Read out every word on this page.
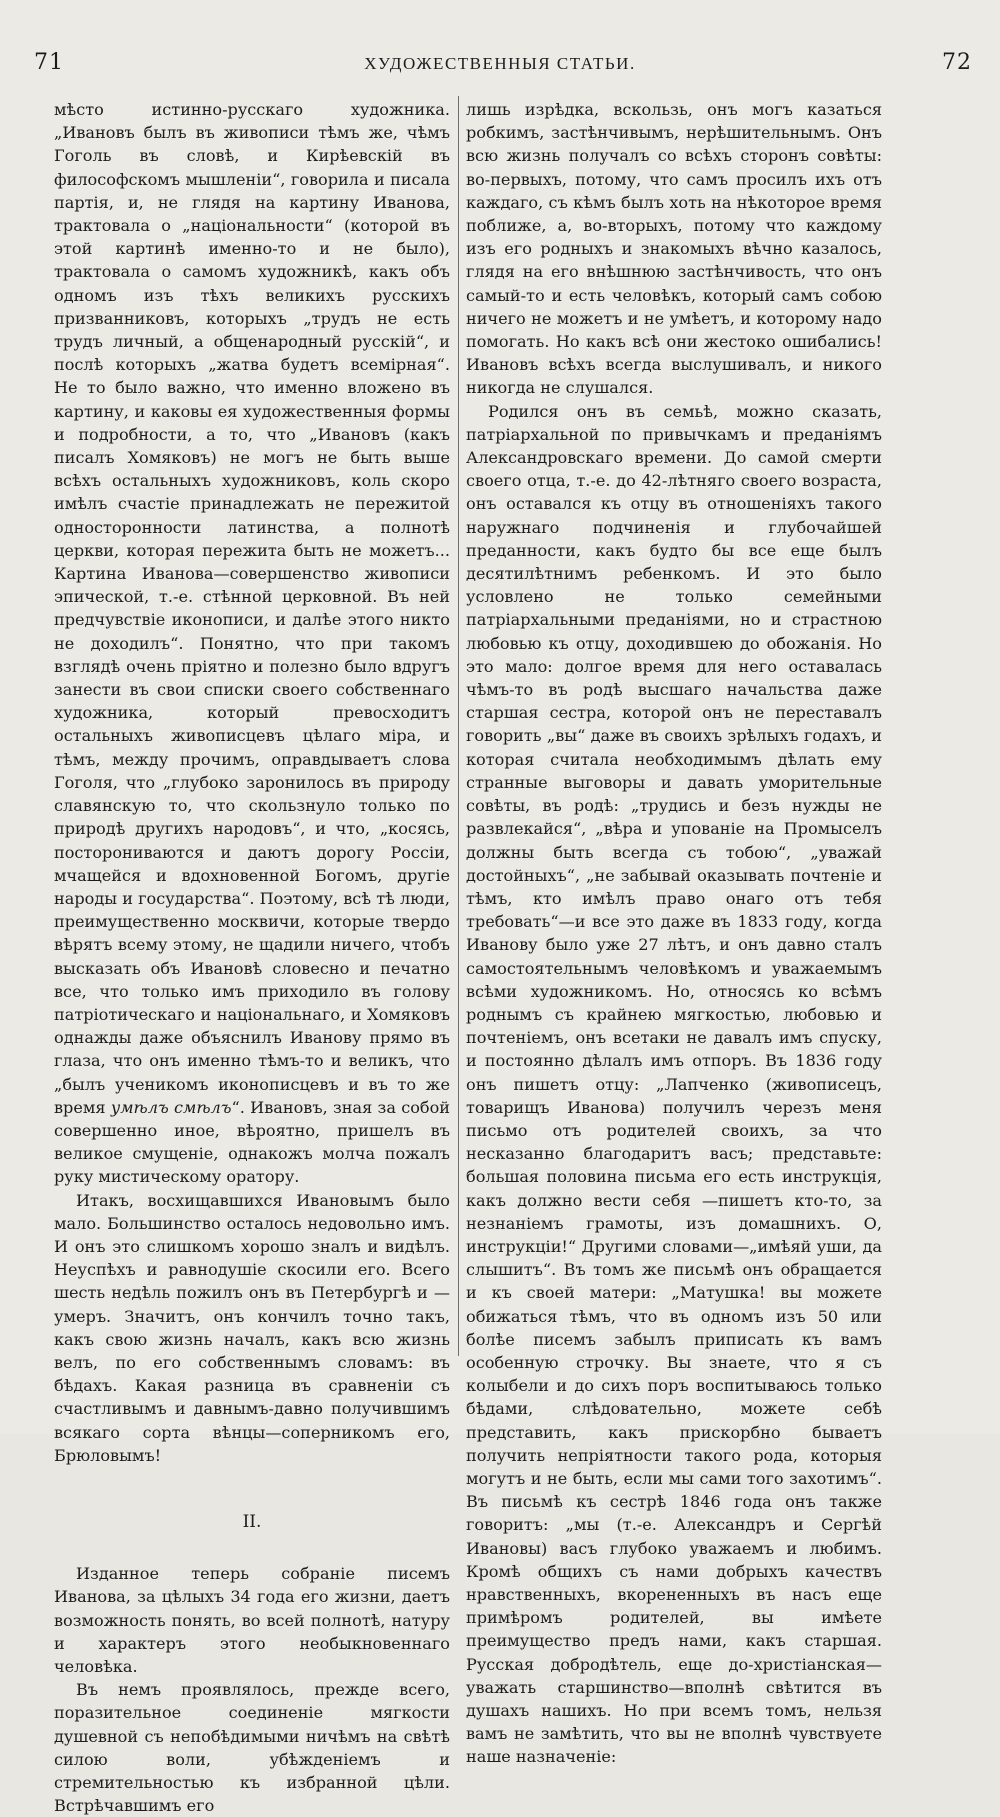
71	ХУДОЖЕСТВЕННЫЯ СТАТЬИ.	72

мѣсто истинно-русскаго художника. „Ивановъ былъ въ живописи тѣмъ же, чѣмъ Гоголь въ словѣ, и Кирѣевскій въ философскомъ мышленіи“, говорила и писала партія, и, не глядя на картину Иванова, трактовала о „національности“ (которой въ этой картинѣ именно-то и не было), трактовала о самомъ художникѣ, какъ объ одномъ изъ тѣхъ великихъ русскихъ призванниковъ, которыхъ „трудъ не есть трудъ личный, а общенародный русскій“, и послѣ которыхъ „жатва будетъ всемірная“. Не то было важно, что именно вложено въ картину, и каковы ея художественныя формы и подробности, а то, что „Ивановъ (какъ писалъ Хомяковъ) не могъ не быть выше всѣхъ остальныхъ художниковъ, коль скоро имѣлъ счастіе принадлежать не пережитой односторонности латинства, а полнотѣ церкви, которая пережита быть не можетъ... Картина Иванова—совершенство живописи эпической, т.-е. стѣнной церковной. Въ ней предчувствіе иконописи, и далѣе этого никто не доходилъ“. Понятно, что при такомъ взглядѣ очень пріятно и полезно было вдругъ занести въ свои списки своего собственнаго художника, который превосходитъ остальныхъ живописцевъ цѣлаго міра, и тѣмъ, между прочимъ, оправдываетъ слова Гоголя, что „глубоко заронилось въ природу славянскую то, что скользнуло только по природѣ другихъ народовъ“, и что, „косясь, посторониваются и даютъ дорогу Россіи, мчащейся и вдохновенной Богомъ, другіе народы и государства“. Поэтому, всѣ тѣ люди, преимущественно москвичи, которые твердо вѣрятъ всему этому, не щадили ничего, чтобъ высказать объ Ивановѣ словесно и печатно все, что только имъ приходило въ голову патріотическаго и національнаго, и Хомяковъ однажды даже объяснилъ Иванову прямо въ глаза, что онъ именно тѣмъ-то и великъ, что „былъ ученикомъ иконописцевъ и въ то же время умѣлъ смѣлъ“. Ивановъ, зная за собой совершенно иное, вѣроятно, пришелъ въ великое смущеніе, однакожъ молча пожалъ руку мистическому оратору.

Итакъ, восхищавшихся Ивановымъ было мало. Большинство осталось недовольно имъ. И онъ это слишкомъ хорошо зналъ и видѣлъ. Неуспѣхъ и равнодушіе скосили его. Всего шесть недѣль пожилъ онъ въ Петербургѣ и — умеръ. Значитъ, онъ кончилъ точно такъ, какъ свою жизнь началъ, какъ всю жизнь велъ, по его собственнымъ словамъ: въ бѣдахъ. Какая разница въ сравненіи съ счастливымъ и давнымъ-давно получившимъ всякаго сорта вѣнцы—соперникомъ его, Брюловымъ!

II.

Изданное теперь собраніе писемъ Иванова, за цѣлыхъ 34 года его жизни, даетъ возможность понять, во всей полнотѣ, натуру и характеръ этого необыкновеннаго человѣка.

Въ немъ проявлялось, прежде всего, поразительное соединеніе мягкости душевной съ непобѣдимыми ничѣмъ на свѣтѣ силою воли, убѣжденіемъ и стремительностью къ избранной цѣли. Встрѣчавшимъ его

лишь изрѣдка, вскользь, онъ могъ казаться робкимъ, застѣнчивымъ, нерѣшительнымъ. Онъ всю жизнь получалъ со всѣхъ сторонъ совѣты: во-первыхъ, потому, что самъ просилъ ихъ отъ каждаго, съ кѣмъ былъ хоть на нѣкоторое время поближе, а, во-вторыхъ, потому что каждому изъ его родныхъ и знакомыхъ вѣчно казалось, глядя на его внѣшнюю застѣнчивость, что онъ самый-то и есть человѣкъ, который самъ собою ничего не можетъ и не умѣетъ, и которому надо помогать. Но какъ всѣ они жестоко ошибались! Ивановъ всѣхъ всегда выслушивалъ, и никого никогда не слушался.

Родился онъ въ семьѣ, можно сказать, патріархальной по привычкамъ и преданіямъ Александровскаго времени. До самой смерти своего отца, т.-е. до 42-лѣтняго своего возраста, онъ оставался къ отцу въ отношеніяхъ такого наружнаго подчиненія и глубочайшей преданности, какъ будто бы все еще былъ десятилѣтнимъ ребенкомъ. И это было условлено не только семейными патріархальными преданіями, но и страстною любовью къ отцу, доходившею до обожанія. Но это мало: долгое время для него оставалась чѣмъ-то въ родѣ высшаго начальства даже старшая сестра, которой онъ не переставалъ говорить „вы“ даже въ своихъ зрѣлыхъ годахъ, и которая считала необходимымъ дѣлать ему странные выговоры и давать уморительные совѣты, въ родѣ: „трудись и безъ нужды не развлекайся“, „вѣра и упованіе на Промыселъ должны быть всегда съ тобою“, „уважай достойныхъ“, „не забывай оказывать почтеніе и тѣмъ, кто имѣлъ право онаго отъ тебя требовать“—и все это даже въ 1833 году, когда Иванову было уже 27 лѣтъ, и онъ давно сталъ самостоятельнымъ человѣкомъ и уважаемымъ всѣми художникомъ. Но, относясь ко всѣмъ роднымъ съ крайнею мягкостью, любовью и почтеніемъ, онъ всетаки не давалъ имъ спуску, и постоянно дѣлалъ имъ отпоръ. Въ 1836 году онъ пишетъ отцу: „Лапченко (живописецъ, товарищъ Иванова) получилъ черезъ меня письмо отъ родителей своихъ, за что несказанно благодаритъ васъ; представьте: большая половина письма его есть инструкція, какъ должно вести себя —пишетъ кто-то, за незнаніемъ грамоты, изъ домашнихъ. О, инструкціи!“ Другими словами—„имѣяй уши, да слышитъ“. Въ томъ же письмѣ онъ обращается и къ своей матери: „Матушка! вы можете обижаться тѣмъ, что въ одномъ изъ 50 или болѣе писемъ забылъ приписать къ вамъ особенную строчку. Вы знаете, что я съ колыбели и до сихъ поръ воспитываюсь только бѣдами, слѣдовательно, можете себѣ представить, какъ прискорбно бываетъ получить непріятности такого рода, которыя могутъ и не быть, если мы сами того захотимъ“. Въ письмѣ къ сестрѣ 1846 года онъ также говоритъ: „мы (т.-е. Александръ и Сергѣй Ивановы) васъ глубоко уважаемъ и любимъ. Кромѣ общихъ съ нами добрыхъ качествъ нравственныхъ, вкорененныхъ въ насъ еще примѣромъ родителей, вы имѣете преимущество предъ нами, какъ старшая. Русская добродѣтель, еще до-христіанская—уважать старшинство—вполнѣ свѣтится въ душахъ нашихъ. Но при всемъ томъ, нельзя вамъ не замѣтить, что вы не вполнѣ чувствуете наше назначеніе:
